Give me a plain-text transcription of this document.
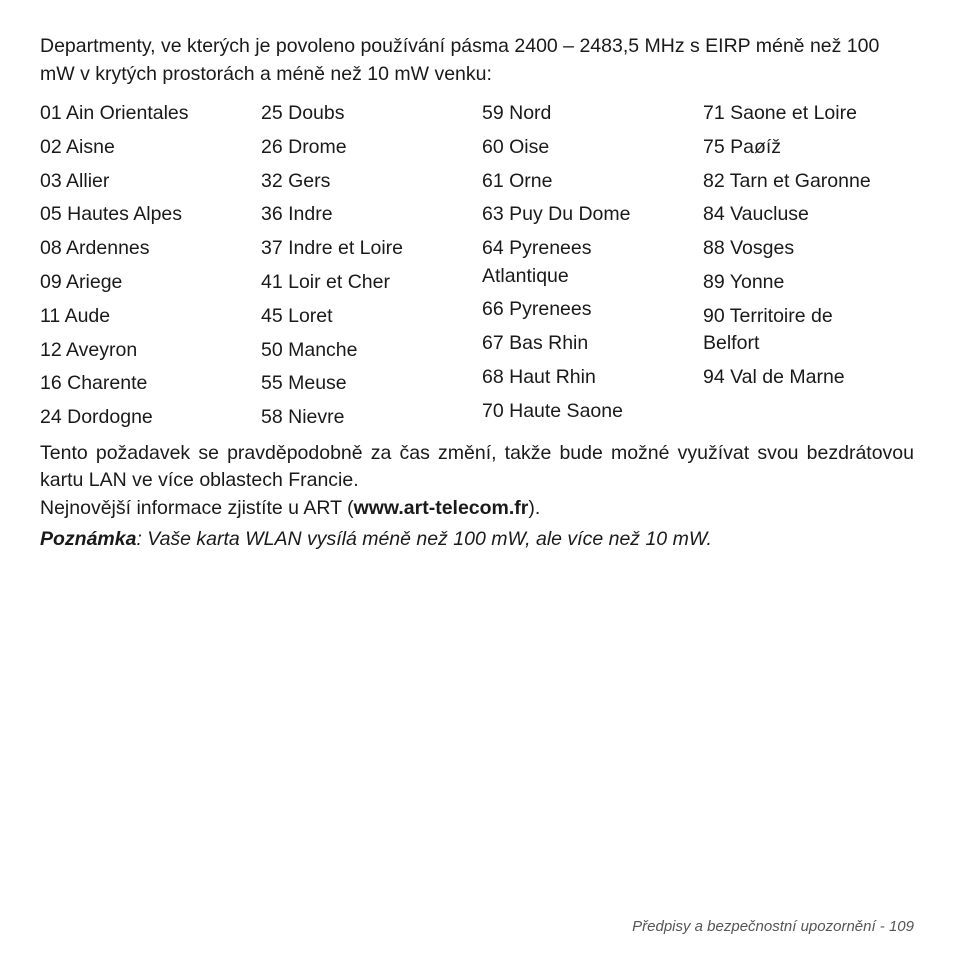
Departmenty, ve kterých je povoleno používání pásma 2400 – 2483,5 MHz s EIRP méně než 100 mW v krytých prostorách a méně než 10 mW venku:

01 Ain Orientales
02 Aisne
03 Allier
05 Hautes Alpes
08 Ardennes
09 Ariege
11 Aude
12 Aveyron
16 Charente
24 Dordogne
25 Doubs
26 Drome
32 Gers
36 Indre
37 Indre et Loire
41 Loir et Cher
45 Loret
50 Manche
55 Meuse
58 Nievre
59 Nord
60 Oise
61 Orne
63 Puy Du Dome
64 Pyrenees
Atlantique
66 Pyrenees
67 Bas Rhin
68 Haut Rhin
70 Haute Saone
71 Saone et Loire
75 Paøíž
82 Tarn et Garonne
84 Vaucluse
88 Vosges
89 Yonne
90 Territoire de
Belfort
94 Val de Marne

Tento požadavek se pravděpodobně za čas změní, takže bude možné využívat svou bezdrátovou kartu LAN ve více oblastech Francie.

Nejnovější informace zjistíte u ART (www.art-telecom.fr).

Poznámka: Vaše karta WLAN vysílá méně než 100 mW, ale více než 10 mW.

Předpisy a bezpečnostní upozornění - 109
